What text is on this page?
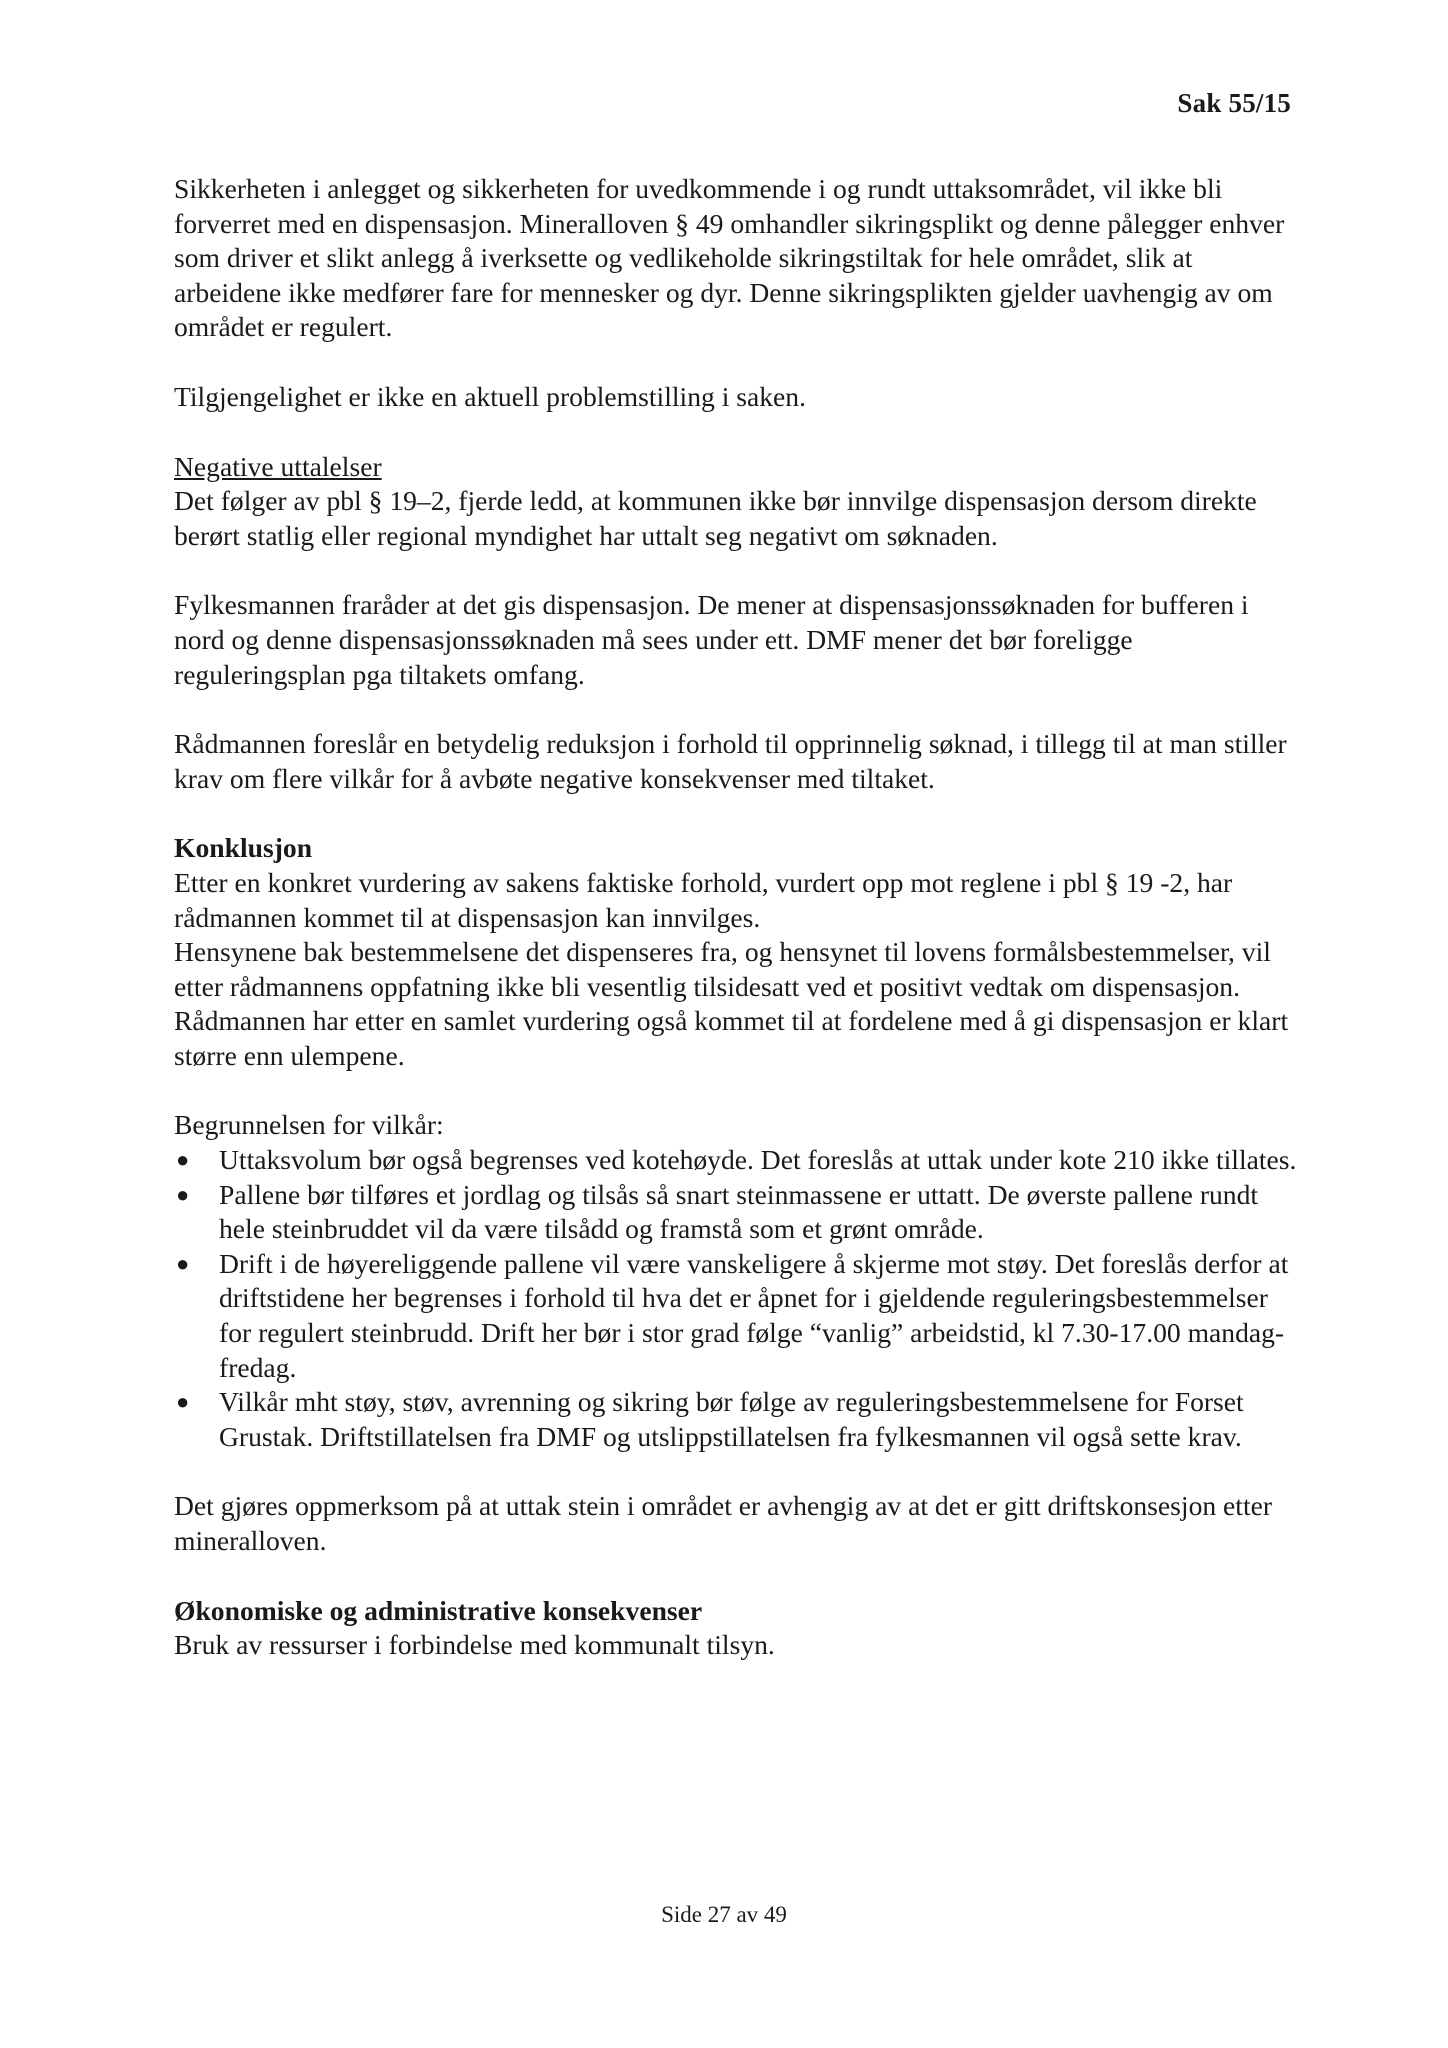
Sak 55/15

Sikkerheten i anlegget og sikkerheten for uvedkommende i og rundt uttaksområdet, vil ikke bli forverret med en dispensasjon. Mineralloven § 49 omhandler sikringsplikt og denne pålegger enhver som driver et slikt anlegg å iverksette og vedlikeholde sikringstiltak for hele området, slik at arbeidene ikke medfører fare for mennesker og dyr. Denne sikringsplikten gjelder uavhengig av om området er regulert.

Tilgjengelighet er ikke en aktuell problemstilling i saken.

Negative uttalelser

Det følger av pbl § 19–2, fjerde ledd, at kommunen ikke bør innvilge dispensasjon dersom direkte berørt statlig eller regional myndighet har uttalt seg negativt om søknaden.

Fylkesmannen fraråder at det gis dispensasjon. De mener at dispensasjonssøknaden for bufferen i nord og denne dispensasjonssøknaden må sees under ett. DMF mener det bør foreligge reguleringsplan pga tiltakets omfang.

Rådmannen foreslår en betydelig reduksjon i forhold til opprinnelig søknad, i tillegg til at man stiller krav om flere vilkår for å avbøte negative konsekvenser med tiltaket.

Konklusjon

Etter en konkret vurdering av sakens faktiske forhold, vurdert opp mot reglene i pbl § 19 -2, har rådmannen kommet til at dispensasjon kan innvilges.

Hensynene bak bestemmelsene det dispenseres fra, og hensynet til lovens formålsbestemmelser, vil etter rådmannens oppfatning ikke bli vesentlig tilsidesatt ved et positivt vedtak om dispensasjon.

Rådmannen har etter en samlet vurdering også kommet til at fordelene med å gi dispensasjon er klart større enn ulempene.

Begrunnelsen for vilkår:

● Uttaksvolum bør også begrenses ved kotehøyde. Det foreslås at uttak under kote 210 ikke tillates.
● Pallene bør tilføres et jordlag og tilsås så snart steinmassene er uttatt. De øverste pallene rundt hele steinbruddet vil da være tilsådd og framstå som et grønt område.
● Drift i de høyereliggende pallene vil være vanskeligere å skjerme mot støy. Det foreslås derfor at driftstidene her begrenses i forhold til hva det er åpnet for i gjeldende reguleringsbestemmelser for regulert steinbrudd. Drift her bør i stor grad følge “vanlig” arbeidstid, kl 7.30-17.00 mandag-fredag.
● Vilkår mht støy, støv, avrenning og sikring bør følge av reguleringsbestemmelsene for Forset Grustak. Driftstillatelsen fra DMF og utslippstillatelsen fra fylkesmannen vil også sette krav.

Det gjøres oppmerksom på at uttak stein i området er avhengig av at det er gitt driftskonsesjon etter mineralloven.

Økonomiske og administrative konsekvenser

Bruk av ressurser i forbindelse med kommunalt tilsyn.

Side 27 av 49
